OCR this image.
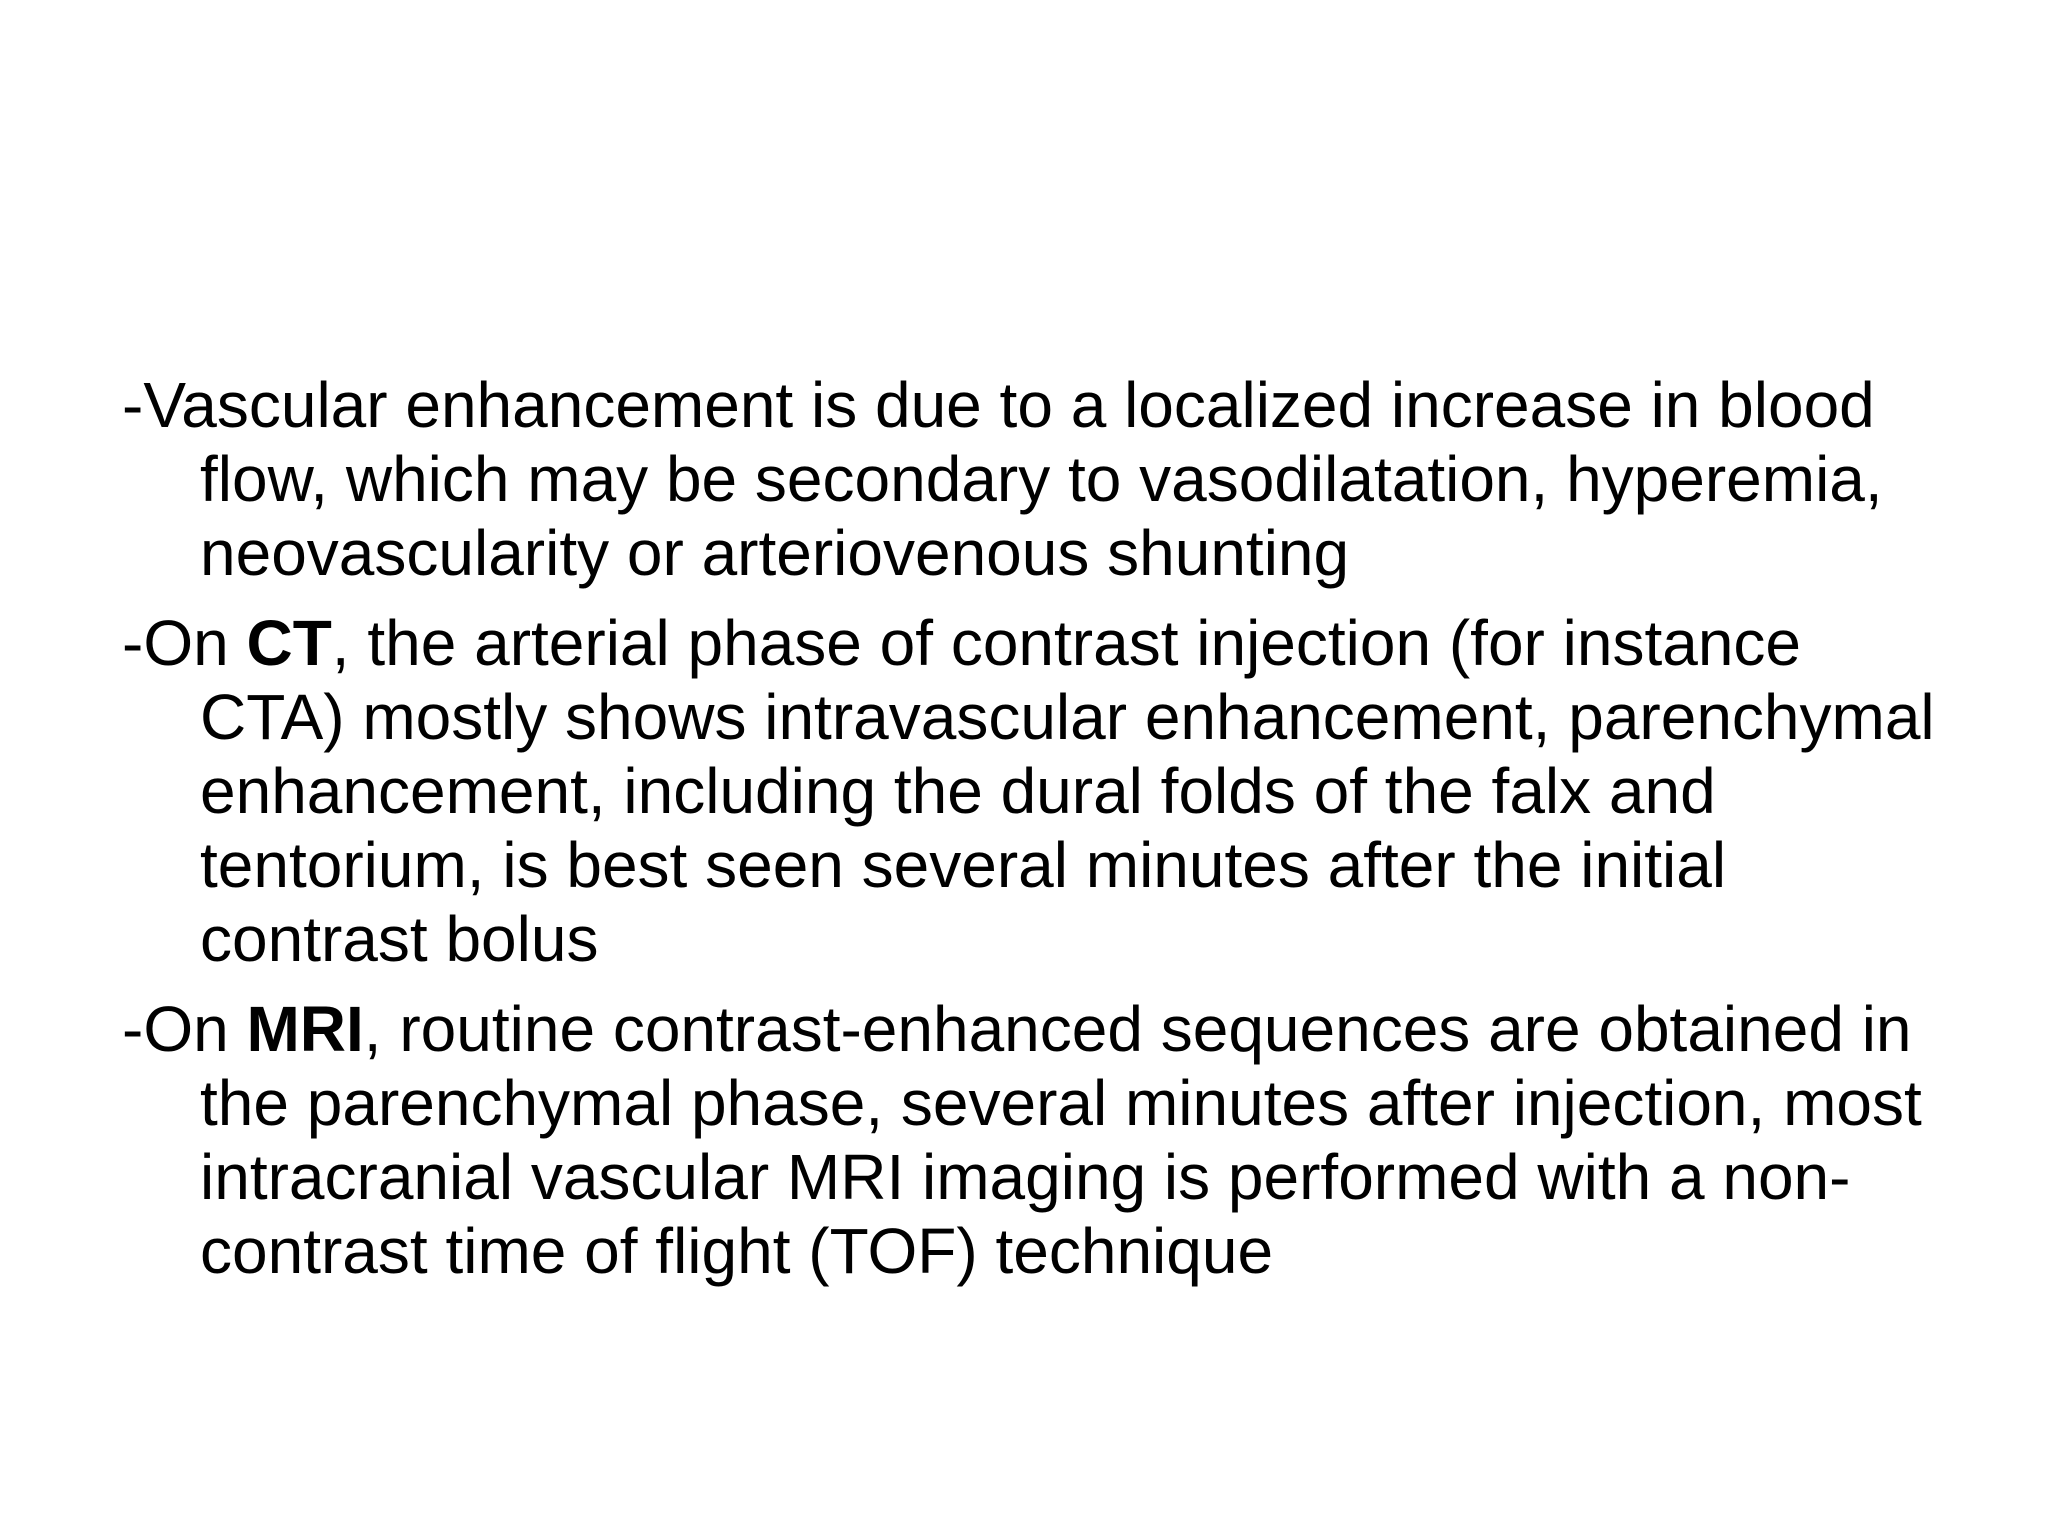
-Vascular enhancement is due to a localized increase in blood flow, which may be secondary to vasodilatation, hyperemia, neovascularity or arteriovenous shunting

-On CT, the arterial phase of contrast injection (for instance CTA) mostly shows intravascular enhancement, parenchymal enhancement, including the dural folds of the falx and tentorium, is best seen several minutes after the initial contrast bolus

-On MRI, routine contrast-enhanced sequences are obtained in the parenchymal phase, several minutes after injection, most intracranial vascular MRI imaging is performed with a non-contrast time of flight (TOF) technique
